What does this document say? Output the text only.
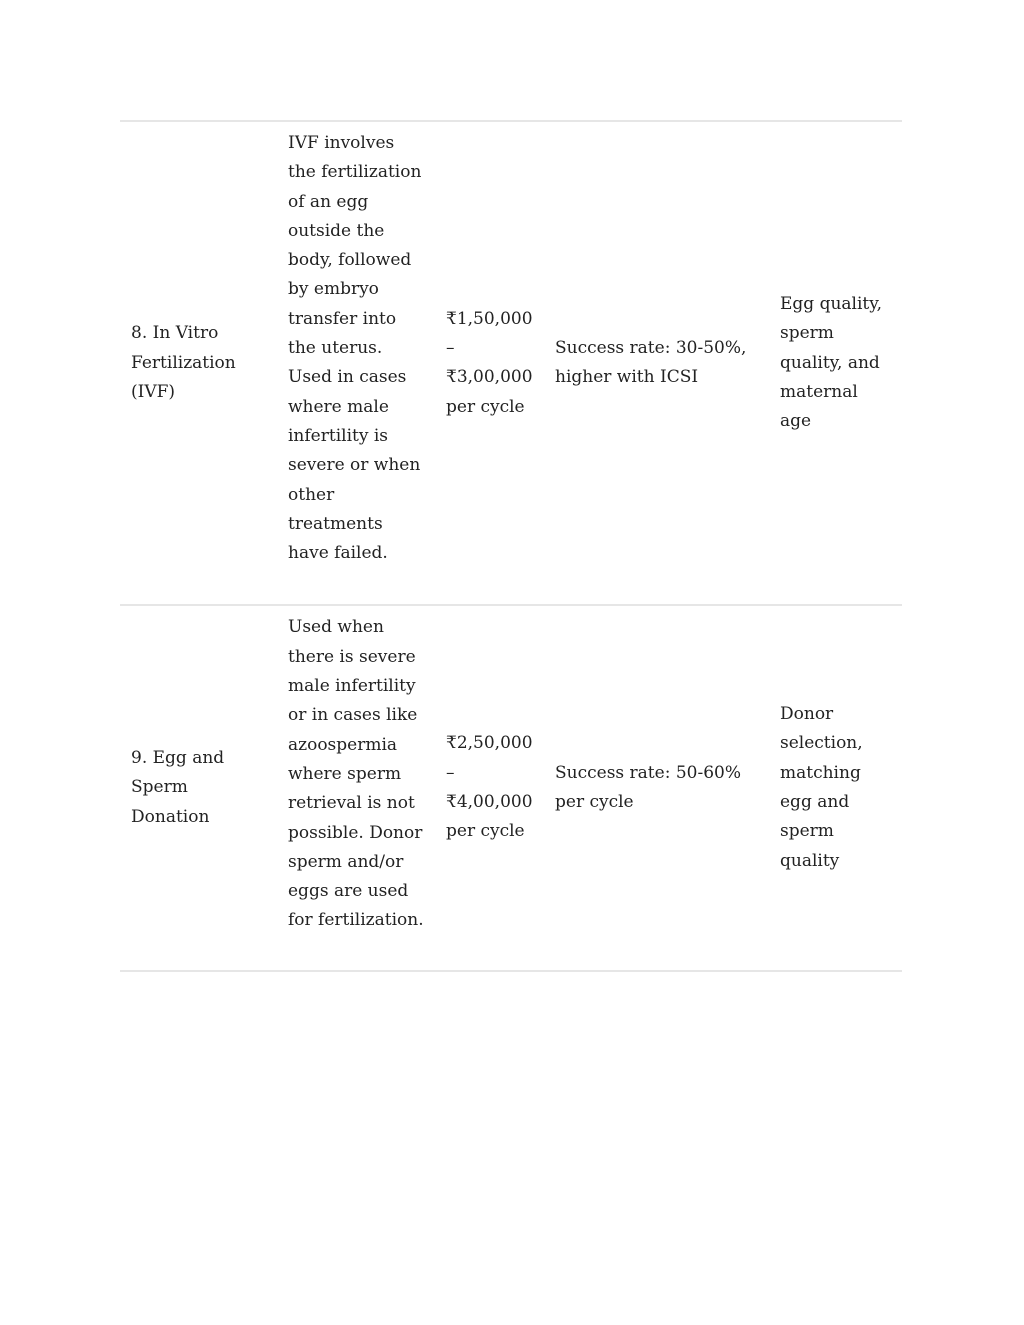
8. In Vitro Fertilization (IVF)	IVF involves the fertilization of an egg outside the body, followed by embryo transfer into the uterus. Used in cases where male infertility is severe or when other treatments have failed.	₹1,50,000
–
₹3,00,000
per cycle	Success rate: 30-50%, higher with ICSI	Egg quality, sperm quality, and maternal age
9. Egg and Sperm Donation	Used when there is severe male infertility or in cases like azoospermia where sperm retrieval is not possible. Donor sperm and/or eggs are used for fertilization.	₹2,50,000
–
₹4,00,000
per cycle	Success rate: 50-60% per cycle	Donor selection, matching egg and sperm quality
